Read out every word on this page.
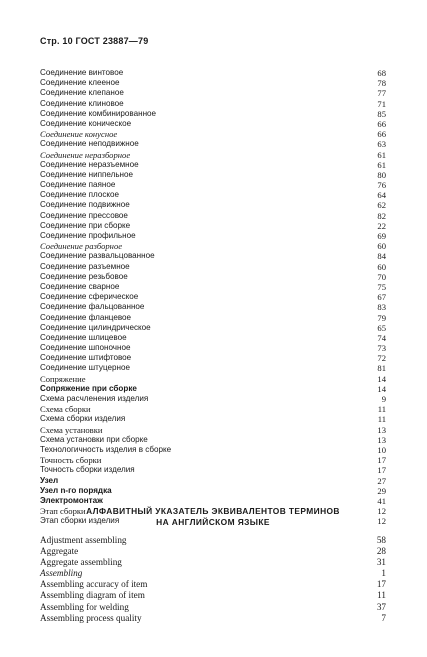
Стр. 10 ГОСТ 23887—79
Соединение винтовое	68
Соединение клееное	78
Соединение клепаное	77
Соединение клиновое	71
Соединение комбинированное	85
Соединение коническое	66
Соединение конусное	66
Соединение неподвижное	63
Соединение неразборное	61
Соединение неразъемное	61
Соединение ниппельное	80
Соединение паяное	76
Соединение плоское	64
Соединение подвижное	62
Соединение прессовое	82
Соединение при сборке	22
Соединение профильное	69
Соединение разборное	60
Соединение развальцованное	84
Соединение разъемное	60
Соединение резьбовое	70
Соединение сварное	75
Соединение сферическое	67
Соединение фальцованное	83
Соединение фланцевое	79
Соединение цилиндрическое	65
Соединение шлицевое	74
Соединение шпоночное	73
Соединение штифтовое	72
Соединение штуцерное	81
Сопряжение	14
Сопряжение при сборке	14
Схема расчленения изделия	9
Схема сборки	11
Схема сборки изделия	11
Схема установки	13
Схема установки при сборке	13
Технологичность изделия в сборке	10
Точность сборки	17
Точность сборки изделия	17
Узел	27
Узел n-го порядка	29
Электромонтаж	41
Этап сборки	12
Этап сборки изделия	12
АЛФАВИТНЫЙ УКАЗАТЕЛЬ ЭКВИВАЛЕНТОВ ТЕРМИНОВ
НА АНГЛИЙСКОМ ЯЗЫКЕ
Adjustment assembling	58
Aggregate	28
Aggregate assembling	31
Assembling	1
Assembling accuracy of item	17
Assembling diagram of item	11
Assembling for welding	37
Assembling process quality	7
